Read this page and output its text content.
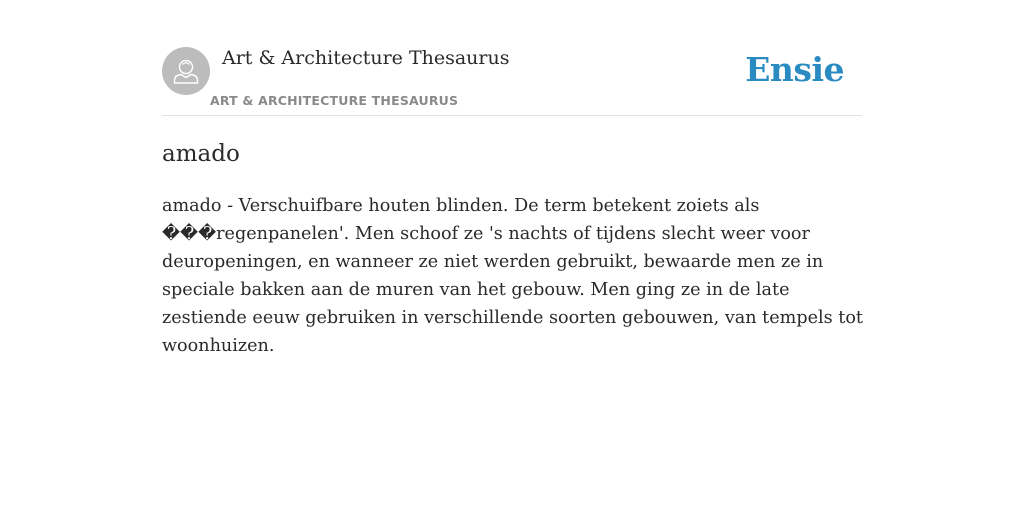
Art & Architecture Thesaurus
ART & ARCHITECTURE THESAURUS
Ensie
amado

amado - Verschuifbare houten blinden. De term betekent zoiets als ���regenpanelen'. Men schoof ze 's nachts of tijdens slecht weer voor deuropeningen, en wanneer ze niet werden gebruikt, bewaarde men ze in speciale bakken aan de muren van het gebouw. Men ging ze in de late zestiende eeuw gebruiken in verschillende soorten gebouwen, van tempels tot woonhuizen.
